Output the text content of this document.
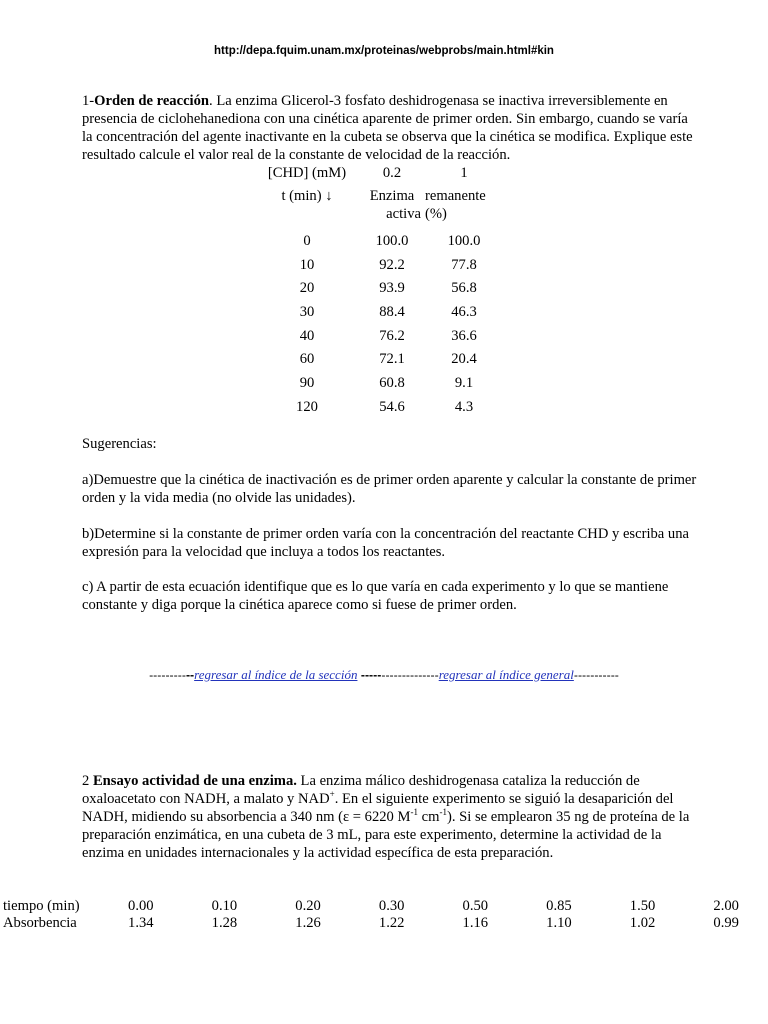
http://depa.fquim.unam.mx/proteinas/webprobs/main.html#kin
1-Orden de reacción. La enzima Glicerol-3 fosfato deshidrogenasa se inactiva irreversiblemente en presencia de ciclohehanediona con una cinética aparente de primer orden. Sin embargo, cuando se varía la concentración del agente inactivante en la cubeta se observa que la cinética se modifica. Explique este resultado calcule el valor real de la constante de velocidad de la reacción.
[CHD] (mM)	0.2	1
t (min) ↓	Enzima	remanente
	activa	(%)
0	100.0	100.0
10	92.2	77.8
20	93.9	56.8
30	88.4	46.3
40	76.2	36.6
60	72.1	20.4
90	60.8	9.1
120	54.6	4.3
Sugerencias:
a)Demuestre que la cinética de inactivación es de primer orden aparente y calcular la constante de primer orden y la vida media (no olvide las unidades).
b)Determine si la constante de primer orden varía con la concentración del reactante CHD y escriba una expresión para la velocidad que incluya a todos los reactantes.
c) A partir de esta ecuación identifique que es lo que varía en cada experimento y lo que se mantiene constante y diga porque la cinética aparece como si fuese de primer orden.
-----------regresar al índice de la sección -------------------regresar al índice general-----------
2 Ensayo actividad de una enzima. La enzima málico deshidrogenasa cataliza la reducción de oxaloacetato con NADH, a malato y NAD+. En el siguiente experimento se siguió la desaparición del NADH, midiendo su absorbencia a 340 nm (ε = 6220 $M^{-1}$ $cm^{-1}$). Si se emplearon 35 ng de proteína de la preparación enzimática, en una cubeta de 3 mL, para este experimento, determine la actividad de la enzima en unidades internacionales y la actividad específica de esta preparación.
tiempo (min)	0.00	0.10	0.20	0.30	0.50	0.85	1.50	2.00
Absorbencia	1.34	1.28	1.26	1.22	1.16	1.10	1.02	0.99
